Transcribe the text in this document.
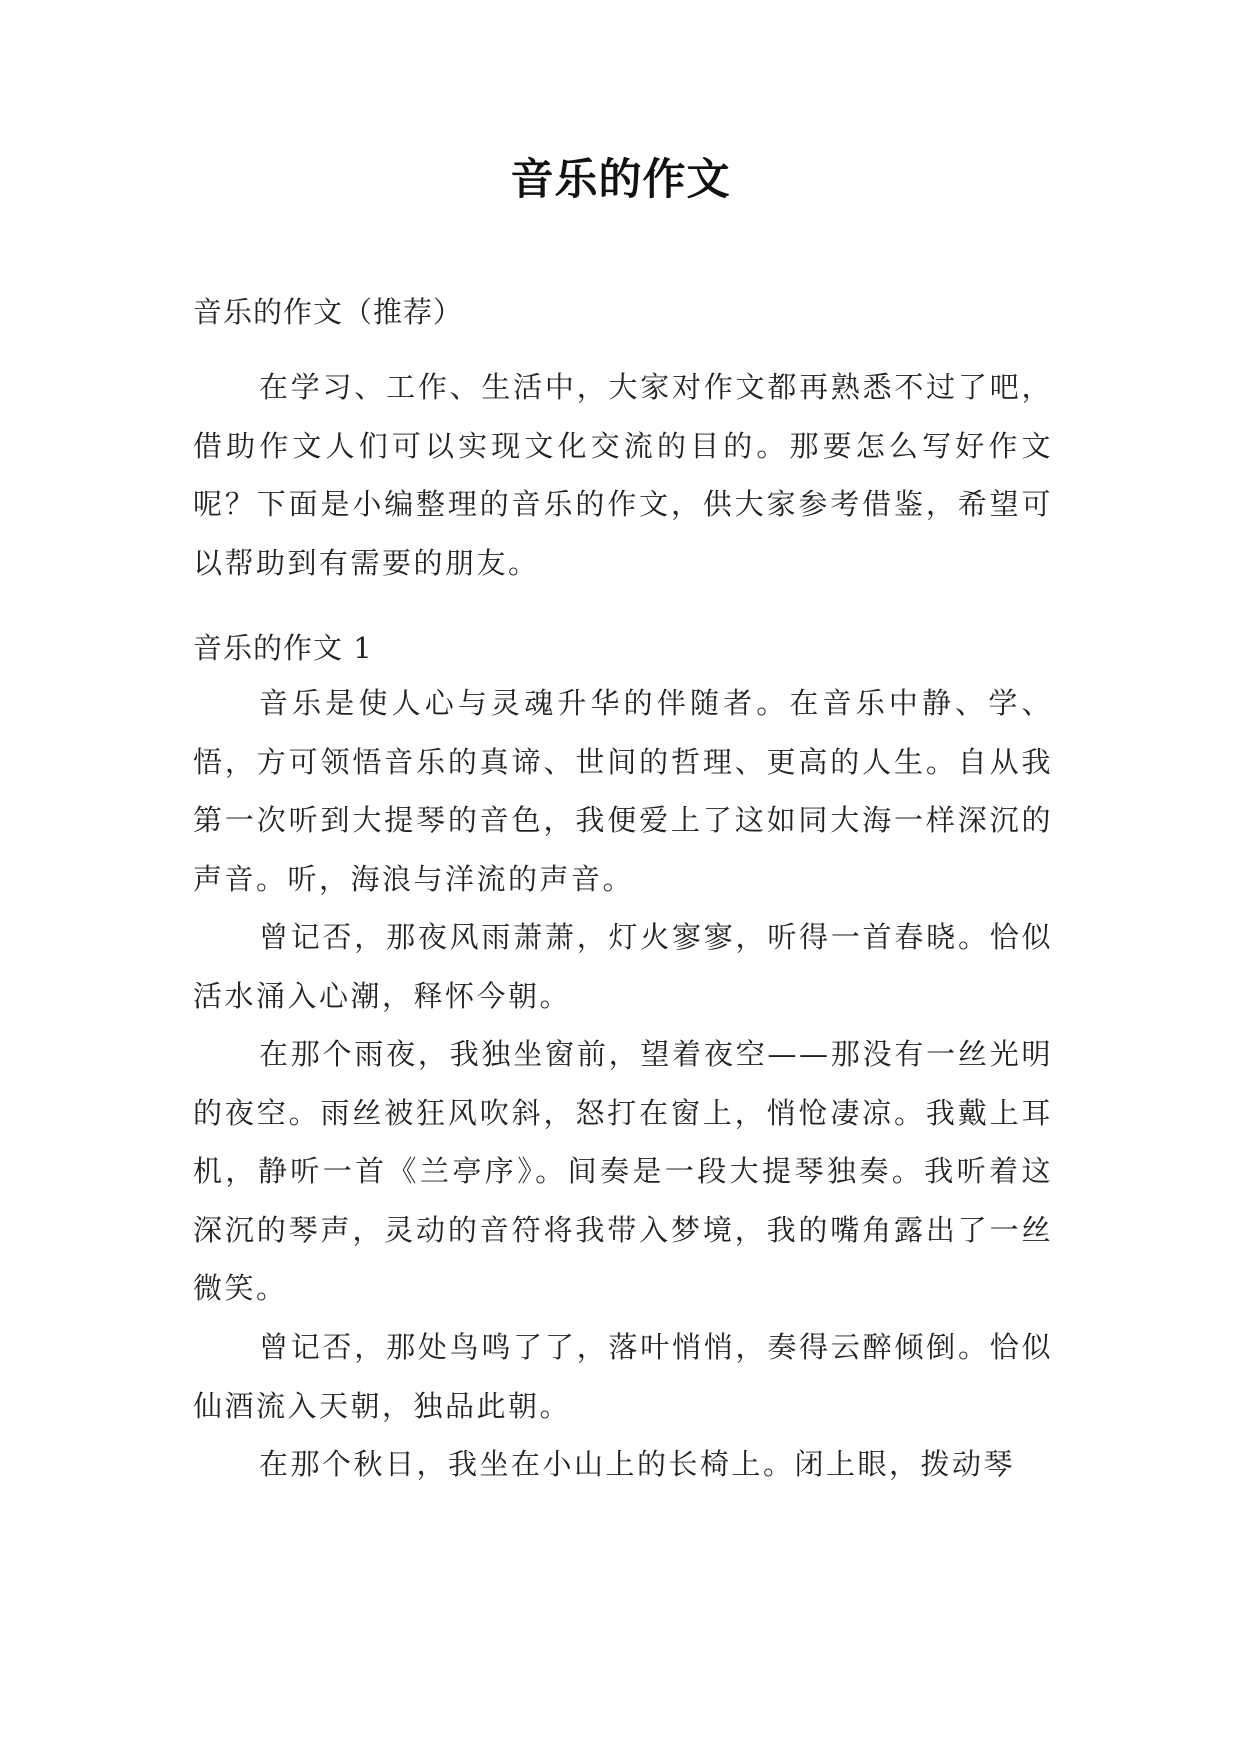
音乐的作文
音乐的作文（推荐）

在学习、工作、生活中，大家对作文都再熟悉不过了吧，借助作文人们可以实现文化交流的目的。那要怎么写好作文呢？下面是小编整理的音乐的作文，供大家参考借鉴，希望可以帮助到有需要的朋友。

音乐的作文 1

音乐是使人心与灵魂升华的伴随者。在音乐中静、学、悟，方可领悟音乐的真谛、世间的哲理、更高的人生。自从我第一次听到大提琴的音色，我便爱上了这如同大海一样深沉的声音。听，海浪与洋流的声音。

曾记否，那夜风雨萧萧，灯火寥寥，听得一首春晓。恰似活水涌入心潮，释怀今朝。

在那个雨夜，我独坐窗前，望着夜空——那没有一丝光明的夜空。雨丝被狂风吹斜，怒打在窗上，悄怆凄凉。我戴上耳机，静听一首《兰亭序》。间奏是一段大提琴独奏。我听着这深沉的琴声，灵动的音符将我带入梦境，我的嘴角露出了一丝微笑。

曾记否，那处鸟鸣了了，落叶悄悄，奏得云醉倾倒。恰似仙酒流入天朝，独品此朝。

在那个秋日，我坐在小山上的长椅上。闭上眼，拨动琴
